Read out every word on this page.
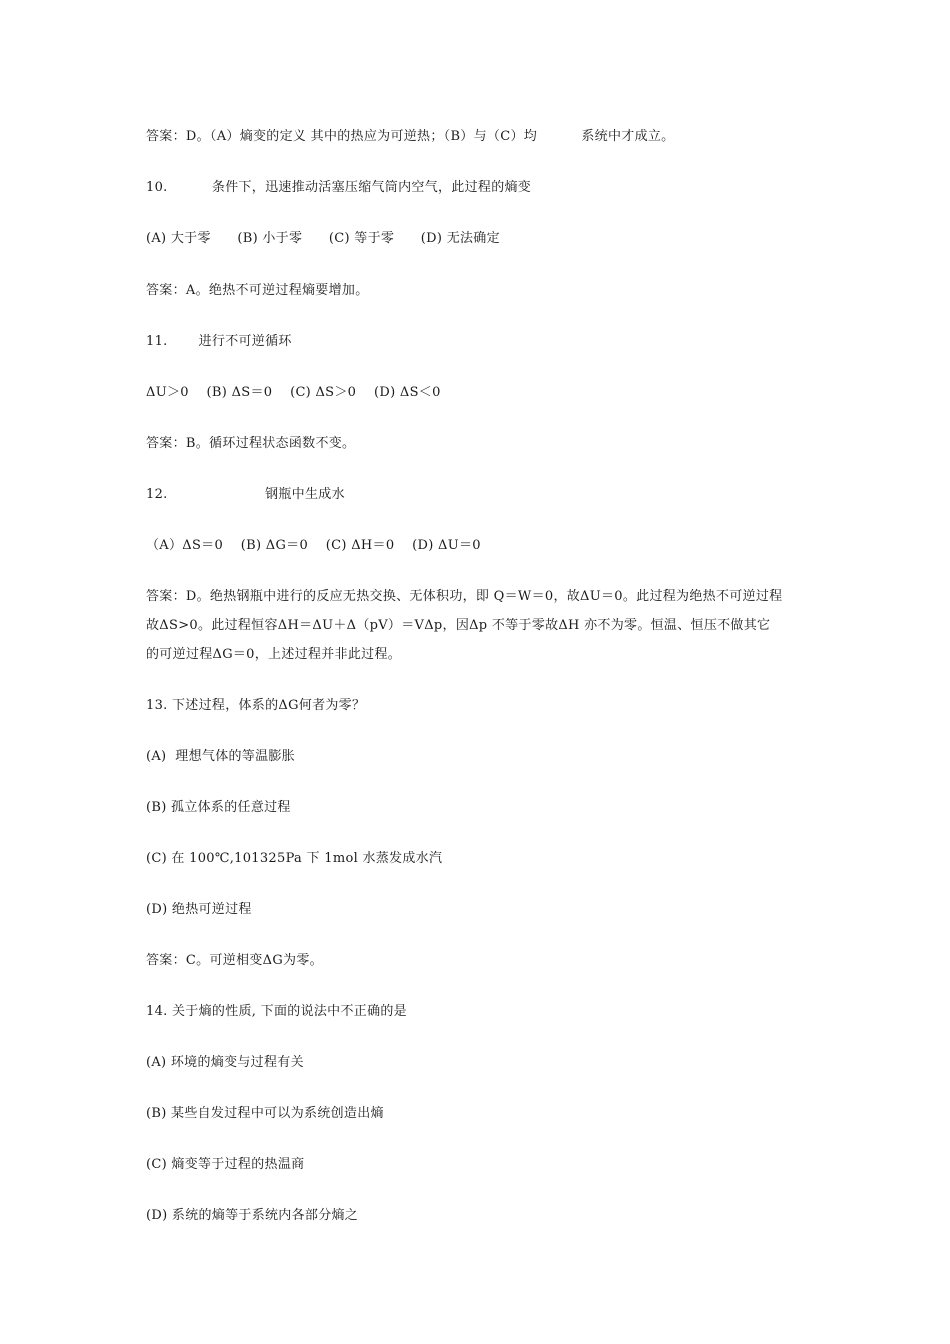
答案：D。（A）熵变的定义 其中的热应为可逆热；（B）与（C）均          系统中才成立。
10.          条件下，迅速推动活塞压缩气筒内空气，此过程的熵变
(A) 大于零      (B) 小于零      (C) 等于零      (D) 无法确定
答案：A。绝热不可逆过程熵要增加。
11.       进行不可逆循环
ΔU＞0    (B) ΔS＝0    (C) ΔS＞0    (D) ΔS＜0
答案：B。循环过程状态函数不变。
12.                      钢瓶中生成水
（A）ΔS＝0    (B) ΔG＝0    (C) ΔH＝0    (D) ΔU＝0
答案：D。绝热钢瓶中进行的反应无热交换、无体积功，即 Q＝W＝0，故ΔU＝0。此过程为绝热不可逆过程
故ΔS>0。此过程恒容ΔH＝ΔU＋Δ（pV）＝VΔp，因Δp 不等于零故ΔH 亦不为零。恒温、恒压不做其它
的可逆过程ΔG＝0，上述过程并非此过程。
13. 下述过程，体系的ΔG何者为零？
(A)  理想气体的等温膨胀
(B) 孤立体系的任意过程
(C) 在 100℃,101325Pa 下 1mol 水蒸发成水汽
(D) 绝热可逆过程
答案：C。可逆相变ΔG为零。
14. 关于熵的性质, 下面的说法中不正确的是
(A) 环境的熵变与过程有关
(B) 某些自发过程中可以为系统创造出熵
(C) 熵变等于过程的热温商
(D) 系统的熵等于系统内各部分熵之
